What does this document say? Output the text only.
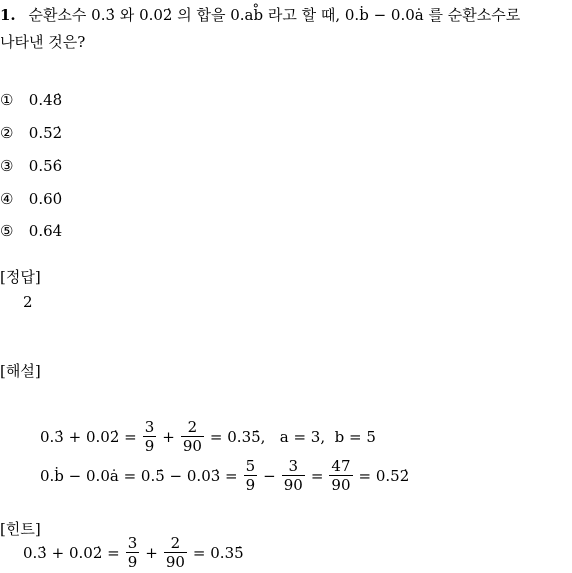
1. 순환소수 0.3̇ 와 0.02̇ 의 합을 0.ab̊ 라고 할 때, 0.ḃ − 0.0ȧ 를 순환소수로
나타낸 것은?
① 0.48̇
② 0.52̇
③ 0.56̇
④ 0.60̇
⑤ 0.64̇
[정답]
2
[해설]
0.3̇ + 0.02̇ = $\frac{3}{9} + \frac{2}{90}$ = 0.35̇,   a = 3,  b = 5
0.ḃ − 0.0ȧ = 0.5̇ − 0.03̇ = $\frac{5}{9} - \frac{3}{90} = \frac{47}{90}$ = 0.52̇
[힌트]
0.3̇ + 0.02̇ = $\frac{3}{9} + \frac{2}{90}$ = 0.35̇
